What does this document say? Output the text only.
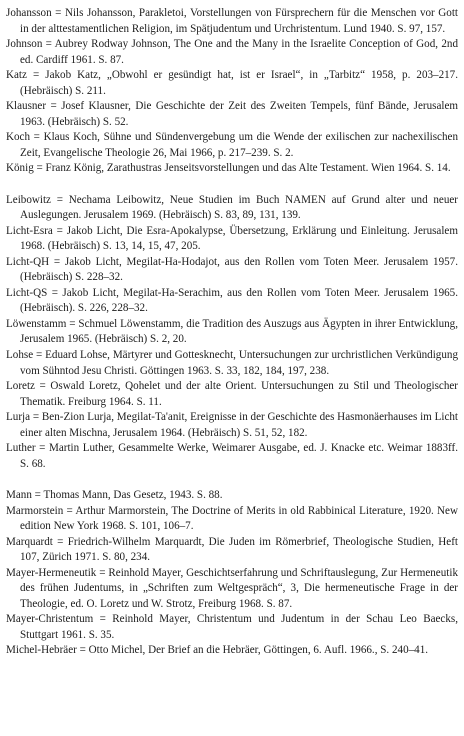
Johansson = Nils Johansson, Parakletoi, Vorstellungen von Fürsprechern für die Menschen vor Gott in der alttestamentlichen Religion, im Spätjudentum und Urchristentum. Lund 1940. S. 97, 157.

Johnson = Aubrey Rodway Johnson, The One and the Many in the Israelite Conception of God, 2nd ed. Cardiff 1961. S. 87.

Katz = Jakob Katz, „Obwohl er gesündigt hat, ist er Israel“, in „Tarbitz“ 1958, p. 203–217. (Hebräisch) S. 211.

Klausner = Josef Klausner, Die Geschichte der Zeit des Zweiten Tempels, fünf Bände, Jerusalem 1963. (Hebräisch) S. 52.

Koch = Klaus Koch, Sühne und Sündenvergebung um die Wende der exilischen zur nachexilischen Zeit, Evangelische Theologie 26, Mai 1966, p. 217–239. S. 2.

König = Franz König, Zarathustras Jenseitsvorstellungen und das Alte Testament. Wien 1964. S. 14.

Leibowitz = Nechama Leibowitz, Neue Studien im Buch NAMEN auf Grund alter und neuer Auslegungen. Jerusalem 1969. (Hebräisch) S. 83, 89, 131, 139.

Licht-Esra = Jakob Licht, Die Esra-Apokalypse, Übersetzung, Erklärung und Einleitung. Jerusalem 1968. (Hebräisch) S. 13, 14, 15, 47, 205.

Licht-QH = Jakob Licht, Megilat-Ha-Hodajot, aus den Rollen vom Toten Meer. Jerusalem 1957. (Hebräisch) S. 228–32.

Licht-QS = Jakob Licht, Megilat-Ha-Serachim, aus den Rollen vom Toten Meer. Jerusalem 1965. (Hebräisch). S. 226, 228–32.

Löwenstamm = Schmuel Löwenstamm, die Tradition des Auszugs aus Ägypten in ihrer Entwicklung, Jerusalem 1965. (Hebräisch) S. 2, 20.

Lohse = Eduard Lohse, Märtyrer und Gottesknecht, Untersuchungen zur urchristlichen Verkündigung vom Sühntod Jesu Christi. Göttingen 1963. S. 33, 182, 184, 197, 238.

Loretz = Oswald Loretz, Qohelet und der alte Orient. Untersuchungen zu Stil und Theologischer Thematik. Freiburg 1964. S. 11.

Lurja = Ben-Zion Lurja, Megilat-Ta'anit, Ereignisse in der Geschichte des Hasmonäerhauses im Licht einer alten Mischna, Jerusalem 1964. (Hebräisch) S. 51, 52, 182.

Luther = Martin Luther, Gesammelte Werke, Weimarer Ausgabe, ed. J. Knacke etc. Weimar 1883ff. S. 68.

Mann = Thomas Mann, Das Gesetz, 1943. S. 88.

Marmorstein = Arthur Marmorstein, The Doctrine of Merits in old Rabbinical Literature, 1920. New edition New York 1968. S. 101, 106–7.

Marquardt = Friedrich-Wilhelm Marquardt, Die Juden im Römerbrief, Theologische Studien, Heft 107, Zürich 1971. S. 80, 234.

Mayer-Hermeneutik = Reinhold Mayer, Geschichtserfahrung und Schriftauslegung, Zur Hermeneutik des frühen Judentums, in „Schriften zum Weltgespräch“, 3, Die hermeneutische Frage in der Theologie, ed. O. Loretz und W. Strotz, Freiburg 1968. S. 87.

Mayer-Christentum = Reinhold Mayer, Christentum und Judentum in der Schau Leo Baecks, Stuttgart 1961. S. 35.

Michel-Hebräer = Otto Michel, Der Brief an die Hebräer, Göttingen, 6. Aufl. 1966., S. 240–41.
